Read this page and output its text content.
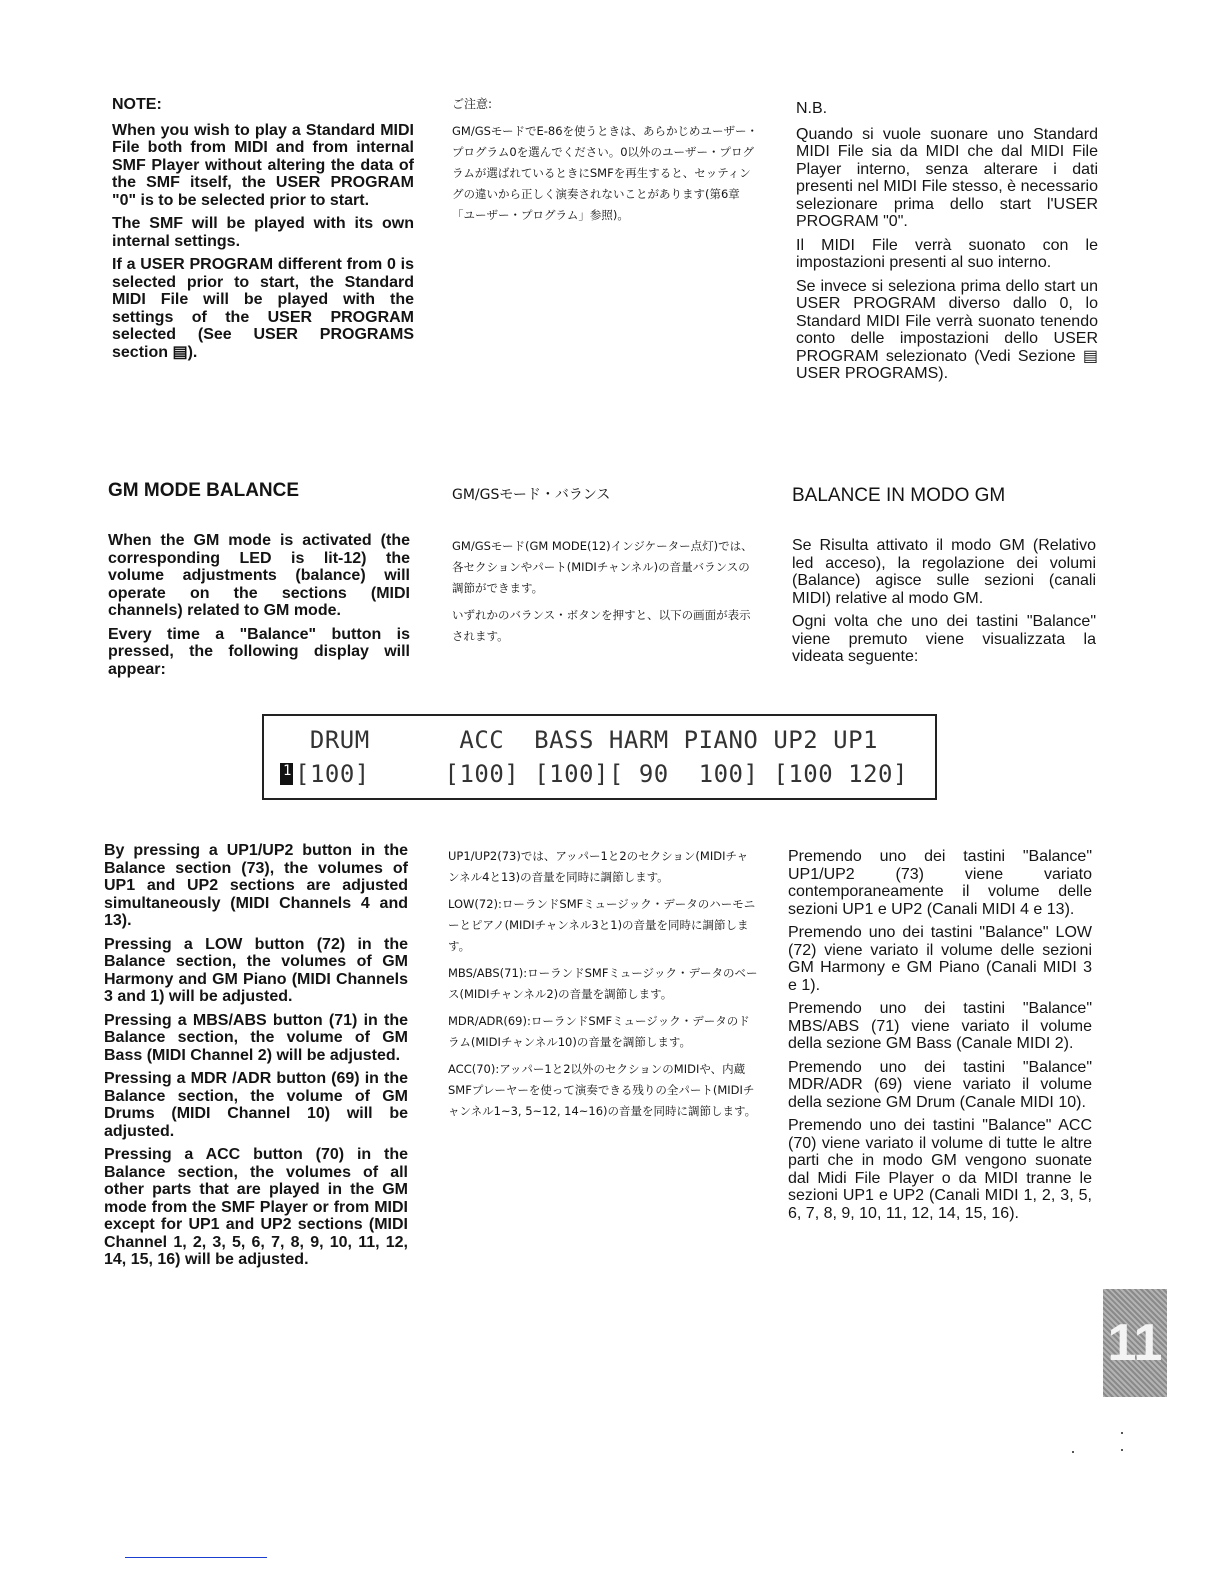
NOTE:

When you wish to play a Standard MIDI File both from MIDI and from internal SMF Player without altering the data of the SMF itself, the USER PROGRAM "0" is to be selected prior to start.

The SMF will be played with its own internal settings.

If a USER PROGRAM different from 0 is selected prior to start, the Standard MIDI File will be played with the settings of the USER PROGRAM selected (See USER PROGRAMS section ▤).

ご注意:

GM/GSモードでE-86を使うときは、あらかじめユーザー・プログラム0を選んでください。0以外のユーザー・プログラムが選ばれているときにSMFを再生すると、セッティングの違いから正しく演奏されないことがあります(第6章「ユーザー・プログラム」参照)。

N.B.

Quando si vuole suonare uno Standard MIDI File sia da MIDI che dal MIDI File Player interno, senza alterare i dati presenti nel MIDI File stesso, è necessario selezionare prima dello start l'USER PROGRAM "0".

Il MIDI File verrà suonato con le impostazioni presenti al suo interno.

Se invece si seleziona prima dello start un USER PROGRAM diverso dallo 0, lo Standard MIDI File verrà suonato tenendo conto delle impostazioni dello USER PROGRAM selezionato (Vedi Sezione ▤ USER PROGRAMS).

GM MODE BALANCE

When the GM mode is activated (the corresponding LED is lit-12) the volume adjustments (balance) will operate on the sections (MIDI channels) related to GM mode.

Every time a "Balance" button is pressed, the following display will appear:

GM/GSモード・バランス

GM/GSモード(GM MODE(12)インジケーター点灯)では、各セクションやパート(MIDIチャンネル)の音量バランスの調節ができます。

いずれかのバランス・ボタンを押すと、以下の画面が表示されます。

BALANCE IN MODO GM

Se Risulta attivato il modo GM (Relativo led acceso), la regolazione dei volumi (Balance) agisce sulle sezioni (canali MIDI) relative al modo GM.

Ogni volta che uno dei tastini "Balance" viene premuto viene visualizzata la videata seguente:

DRUM      ACC  BASS HARM PIANO UP2 UP1
$^1$ [100]     [100] [100][ 90  100] [100 120]

By pressing a UP1/UP2 button in the Balance section (73), the volumes of UP1 and UP2 sections are adjusted simultaneously (MIDI Channels 4 and 13).

Pressing a LOW button (72) in the Balance section, the volumes of GM Harmony and GM Piano (MIDI Channels 3 and 1) will be adjusted.

Pressing a MBS/ABS button (71) in the Balance section, the volume of GM Bass (MIDI Channel 2) will be adjusted.

Pressing a MDR /ADR button (69) in the Balance section, the volume of GM Drums (MIDI Channel 10) will be adjusted.

Pressing a ACC button (70) in the Balance section, the volumes of all other parts that are played in the GM mode from the SMF Player or from MIDI except for UP1 and UP2 sections (MIDI Channel 1, 2, 3, 5, 6, 7, 8, 9, 10, 11, 12, 14, 15, 16) will be adjusted.

UP1/UP2(73)では、アッパー1と2のセクション(MIDIチャンネル4と13)の音量を同時に調節します。

LOW(72):ローランドSMFミュージック・データのハーモニーとピアノ(MIDIチャンネル3と1)の音量を同時に調節します。

MBS/ABS(71):ローランドSMFミュージック・データのベース(MIDIチャンネル2)の音量を調節します。

MDR/ADR(69):ローランドSMFミュージック・データのドラム(MIDIチャンネル10)の音量を調節します。

ACC(70):アッパー1と2以外のセクションのMIDIや、内蔵SMFプレーヤーを使って演奏できる残りの全パート(MIDIチャンネル1~3, 5~12, 14~16)の音量を同時に調節します。

Premendo uno dei tastini "Balance" UP1/UP2 (73) viene variato contemporaneamente il volume delle sezioni UP1 e UP2 (Canali MIDI 4 e 13).

Premendo uno dei tastini "Balance" LOW (72) viene variato il volume delle sezioni GM Harmony e GM Piano (Canali MIDI 3 e 1).

Premendo uno dei tastini "Balance" MBS/ABS (71) viene variato il volume della sezione GM Bass (Canale MIDI 2).

Premendo uno dei tastini "Balance" MDR/ADR (69) viene variato il volume della sezione GM Drum (Canale MIDI 10).

Premendo uno dei tastini "Balance" ACC (70) viene variato il volume di tutte le altre parti che in modo GM vengono suonate dal Midi File Player o da MIDI tranne le sezioni UP1 e UP2 (Canali MIDI 1, 2, 3, 5, 6, 7, 8, 9, 10, 11, 12, 14, 15, 16).

11
